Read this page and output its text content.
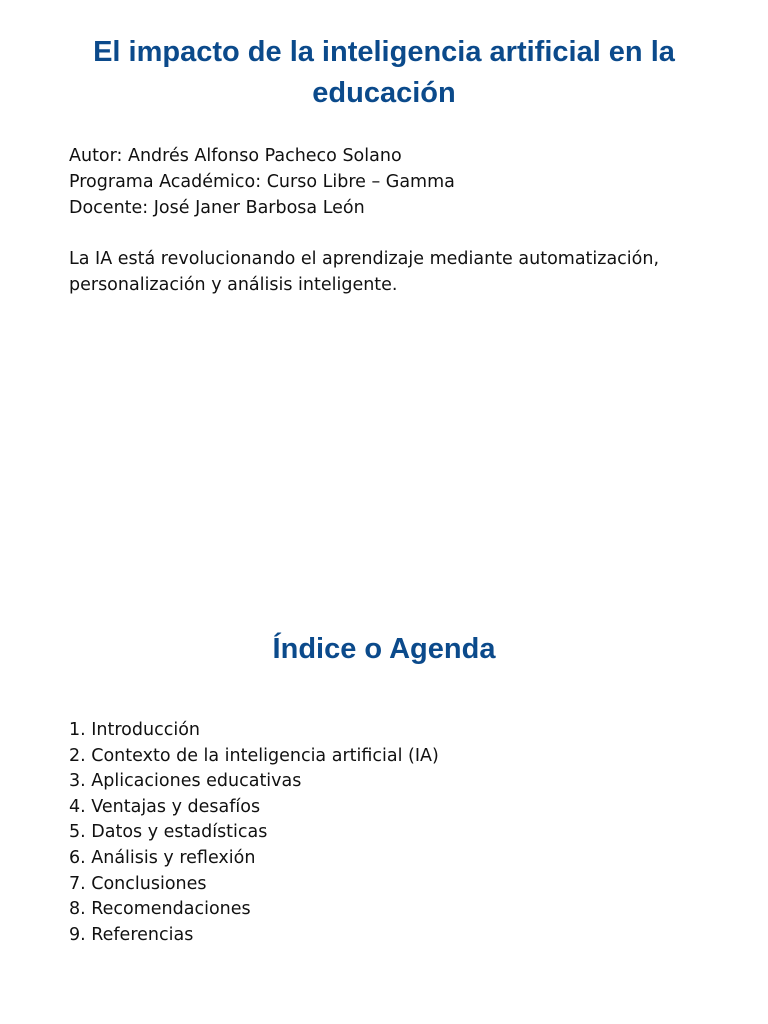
El impacto de la inteligencia artificial en la educación
Autor: Andrés Alfonso Pacheco Solano
Programa Académico: Curso Libre – Gamma
Docente: José Janer Barbosa León

La IA está revolucionando el aprendizaje mediante automatización, personalización y análisis inteligente.

Índice o Agenda
1. Introducción
2. Contexto de la inteligencia artificial (IA)
3. Aplicaciones educativas
4. Ventajas y desafíos
5. Datos y estadísticas
6. Análisis y reflexión
7. Conclusiones
8. Recomendaciones
9. Referencias
